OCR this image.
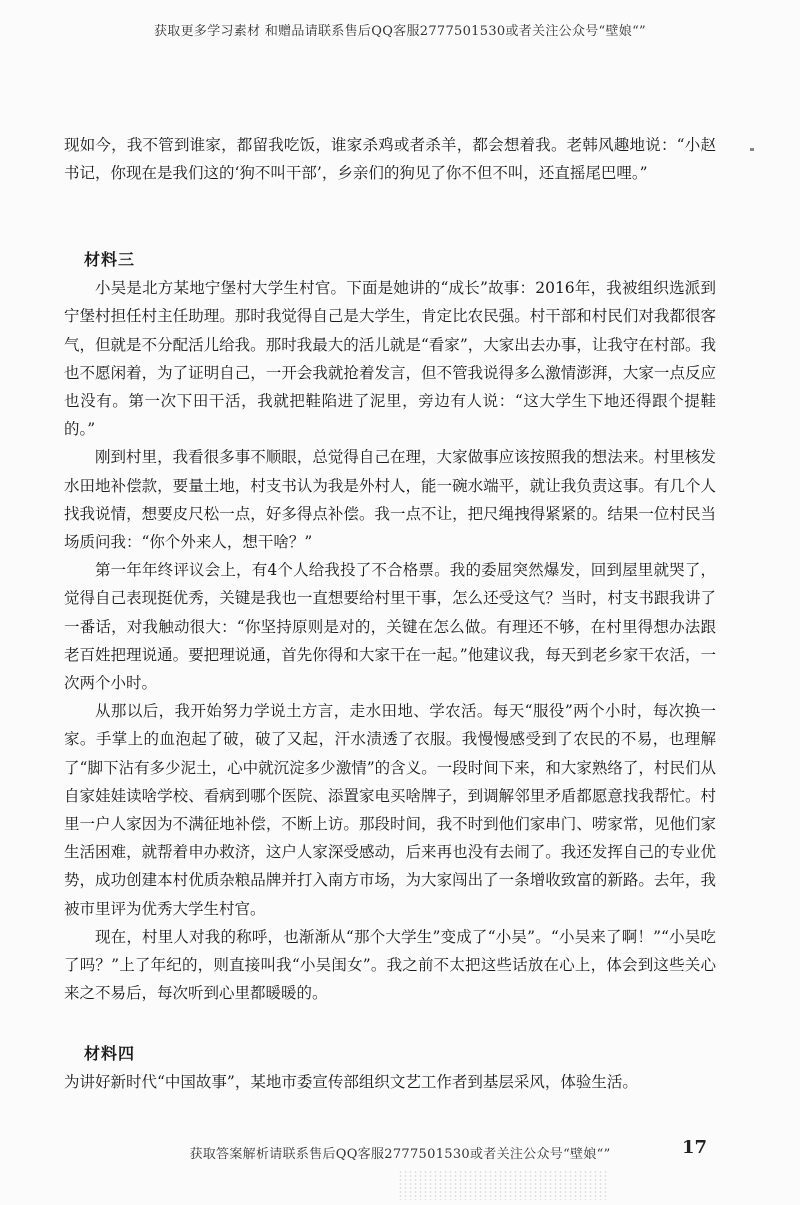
获取更多学习素材 和赠品请联系售后QQ客服2777501530或者关注公众号“壁娘“”

现如今，我不管到谁家，都留我吃饭，谁家杀鸡或者杀羊，都会想着我。老韩风趣地说：“小赵书记，你现在是我们这的‘狗不叫干部’，乡亲们的狗见了你不但不叫，还直摇尾巴哩。”

材料三

小吴是北方某地宁堡村大学生村官。下面是她讲的“成长”故事：2016年，我被组织选派到宁堡村担任村主任助理。那时我觉得自己是大学生，肯定比农民强。村干部和村民们对我都很客气，但就是不分配活儿给我。那时我最大的活儿就是“看家”，大家出去办事，让我守在村部。我也不愿闲着，为了证明自己，一开会我就抢着发言，但不管我说得多么激情澎湃，大家一点反应也没有。第一次下田干活，我就把鞋陷进了泥里，旁边有人说：“这大学生下地还得跟个提鞋的。”

刚到村里，我看很多事不顺眼，总觉得自己在理，大家做事应该按照我的想法来。村里核发水田地补偿款，要量土地，村支书认为我是外村人，能一碗水端平，就让我负责这事。有几个人找我说情，想要皮尺松一点，好多得点补偿。我一点不让，把尺绳拽得紧紧的。结果一位村民当场质问我：“你个外来人，想干啥？”

第一年年终评议会上，有4个人给我投了不合格票。我的委屈突然爆发，回到屋里就哭了，觉得自己表现挺优秀，关键是我也一直想要给村里干事，怎么还受这气？当时，村支书跟我讲了一番话，对我触动很大：“你坚持原则是对的，关键在怎么做。有理还不够，在村里得想办法跟老百姓把理说通。要把理说通，首先你得和大家干在一起。”他建议我，每天到老乡家干农活，一次两个小时。

从那以后，我开始努力学说土方言，走水田地、学农活。每天“服役”两个小时，每次换一家。手掌上的血泡起了破，破了又起，汗水渍透了衣服。我慢慢感受到了农民的不易，也理解了“脚下沾有多少泥土，心中就沉淀多少激情”的含义。一段时间下来，和大家熟络了，村民们从自家娃娃读啥学校、看病到哪个医院、添置家电买啥牌子，到调解邻里矛盾都愿意找我帮忙。村里一户人家因为不满征地补偿，不断上访。那段时间，我不时到他们家串门、唠家常，见他们家生活困难，就帮着申办救济，这户人家深受感动，后来再也没有去闹了。我还发挥自己的专业优势，成功创建本村优质杂粮品牌并打入南方市场，为大家闯出了一条增收致富的新路。去年，我被市里评为优秀大学生村官。

现在，村里人对我的称呼，也渐渐从“那个大学生”变成了“小吴”。“小吴来了啊！”“小吴吃了吗？”上了年纪的，则直接叫我“小吴闺女”。我之前不太把这些话放在心上，体会到这些关心来之不易后，每次听到心里都暖暖的。

材料四

为讲好新时代“中国故事”，某地市委宣传部组织文艺工作者到基层采风，体验生活。

获取答案解析请联系售后QQ客服2777501530或者关注公众号“壁娘“”	17
